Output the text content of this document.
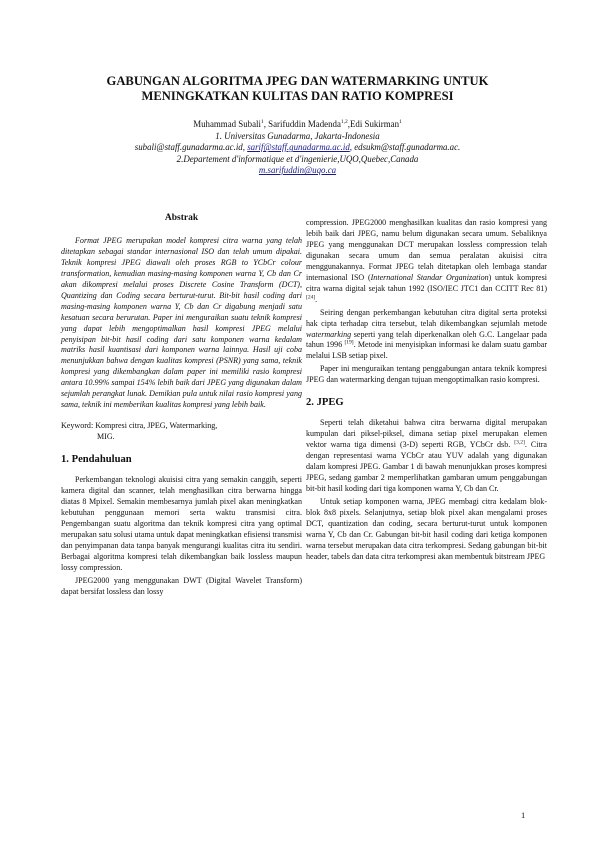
GABUNGAN ALGORITMA JPEG DAN WATERMARKING UNTUK
MENINGKATKAN KULITAS DAN RATIO KOMPRESI
Muhammad Subali$^1$, Sarifuddin Madenda$^{1,2}$,Edi Sukirman$^1$
1. Universitas Gunadarma, Jakarta-Indonesia
subali@staff.gunadarma.ac.id, sarif@staff.gunadarma.ac.id, edsukm@staff.gunadarma.ac.
2.Departement d'informatique et d'ingenierie,UQO,Quebec,Canada
m.sarifuddin@uqo.ca
Abstrak

Format JPEG merupakan model kompresi citra warna yang telah ditetapkan sebagai standar internasional ISO dan telah umum dipakai. Teknik kompresi JPEG diawali oleh proses RGB to YCbCr colour transformation, kemudian masing-masing komponen warna Y, Cb dan Cr akan dikompresi melalui proses Discrete Cosine Transform (DCT), Quantizing dan Coding secara berturut-turut. Bit-bit hasil coding dari masing-masing komponen warna Y, Cb dan Cr digabung menjadi satu kesatuan secara berurutan. Paper ini menguraikan suatu teknik kompresi yang dapat lebih mengoptimalkan hasil kompresi JPEG melalui penyisipan bit-bit hasil coding dari satu komponen warna kedalam matriks hasil kuantisasi dari komponen warna lainnya. Hasil uji coba menunjukkan bahwa dengan kualitas kompresi (PSNR) yang sama, teknik kompresi yang dikembangkan dalam paper ini memiliki rasio kompresi antara 10.99% sampai 154% lebih baik dari JPEG yang digunakan dalam sejumlah perangkat lunak. Demikian pula untuk nilai rasio kompresi yang sama, teknik ini memberikan kualitas kompresi yang lebih baik.

Keyword: Kompresi citra, JPEG, Watermarking,
MIG.
1. Pendahuluan

Perkembangan teknologi akuisisi citra yang semakin canggih, seperti kamera digital dan scanner, telah menghasilkan citra berwarna hingga diatas 8 Mpixel. Semakin membesarnya jumlah pixel akan meningkatkan kebutuhan penggunaan memori serta waktu transmisi citra. Pengembangan suatu algoritma dan teknik kompresi citra yang optimal merupakan satu solusi utama untuk dapat meningkatkan efisiensi transmisi dan penyimpanan data tanpa banyak mengurangi kualitas citra itu sendiri. Berbagai algoritma kompresi telah dikembangkan baik lossless maupun lossy compression.

JPEG2000 yang menggunakan DWT (Digital Wavelet Transform) dapat bersifat lossless dan lossy

compression. JPEG2000 menghasilkan kualitas dan rasio kompresi yang lebih baik dari JPEG, namu belum digunakan secara umum. Sebaliknya JPEG yang menggunakan DCT merupakan lossless compression telah digunakan secara umum dan semua peralatan akuisisi citra menggunakannya. Format JPEG telah ditetapkan oleh lembaga standar internasional ISO (International Standar Organization) untuk kompresi citra warna digital sejak tahun 1992 (ISO/IEC JTC1 dan CCITT Rec 81) [24].

Seiring dengan perkembangan kebutuhan citra digital serta proteksi hak cipta terhadap citra tersebut, telah dikembangkan sejumlah metode watermarking seperti yang telah diperkenalkan oleh G.C. Langelaar pada tahun 1996 [19]. Metode ini menyisipkan informasi ke dalam suatu gambar melalui LSB setiap pixel.

Paper ini menguraikan tentang penggabungan antara teknik kompresi JPEG dan watermarking dengan tujuan mengoptimalkan rasio kompresi.

2. JPEG

Seperti telah diketahui bahwa citra berwarna digital merupakan kumpulan dari piksel-piksel, dimana setiap pixel merupakan elemen vektor warna tiga dimensi (3-D) seperti RGB, YCbCr dsb. [3,2]. Citra dengan representasi warna YCbCr atau YUV adalah yang digunakan dalam kompresi JPEG. Gambar 1 di bawah menunjukkan proses kompresi JPEG, sedang gambar 2 memperlihatkan gambaran umum penggabungan bit-bit hasil koding dari tiga komponen warna Y, Cb dan Cr.

Untuk setiap komponen warna, JPEG membagi citra kedalam blok-blok 8x8 pixels. Selanjutnya, setiap blok pixel akan mengalami proses DCT, quantization dan coding, secara berturut-turut untuk komponen warna Y, Cb dan Cr. Gabungan bit-bit hasil coding dari ketiga komponen warna tersebut merupakan data citra terkompresi. Sedang gabungan bit-bit header, tabels dan data citra terkompresi akan membentuk bitstream JPEG

1
